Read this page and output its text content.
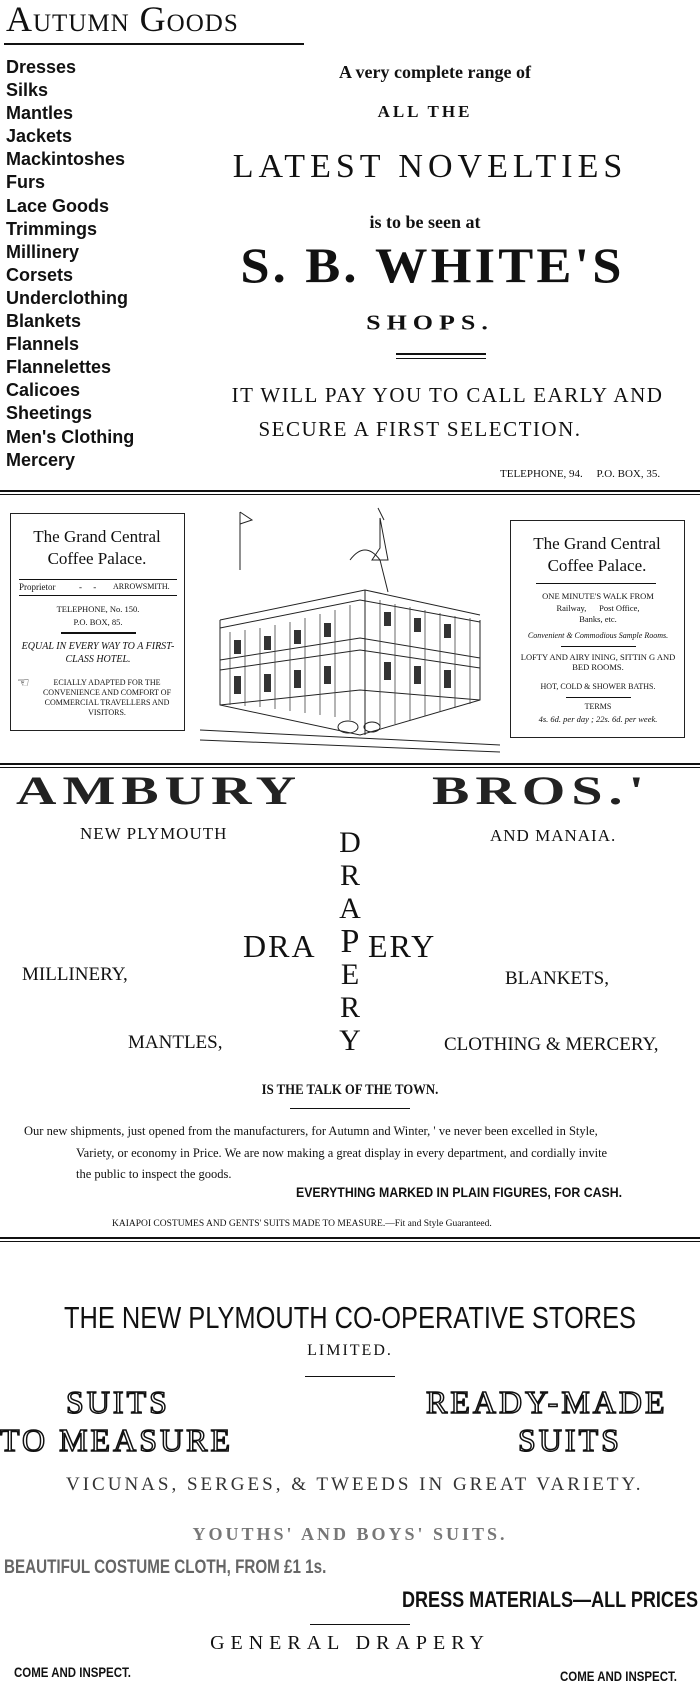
Autumn Goods
Dresses
Silks
Mantles
Jackets
Mackintoshes
Furs
Lace Goods
Trimmings
Millinery
Corsets
Underclothing
Blankets
Flannels
Flannelettes
Calicoes
Sheetings
Men's Clothing
Mercery
A very complete range of
ALL THE
LATEST NOVELTIES
is to be seen at
S. B. WHITE'S
SHOPS.
IT WILL PAY YOU TO CALL EARLY AND
SECURE A FIRST SELECTION.
TELEPHONE, 94.     P.O. BOX, 35.
The Grand Central Coffee Palace.
Proprietor	-     - ARROWSMITH.
TELEPHONE, No. 150.
P.O. BOX, 85.
EQUAL IN EVERY WAY TO A FIRST-CLASS HOTEL.
☜	ECIALLY ADAPTED FOR THE CONVENIENCE AND COMFORT OF COMMERCIAL TRAVELLERS AND VISITORS.
The Grand Central Coffee Palace.
ONE MINUTE'S WALK FROM
Railway,      Post Office,
Banks, etc.
Convenient & Commodious Sample Rooms.
LOFTY AND AIRY INING, SITTIN G AND BED ROOMS.
HOT, COLD & SHOWER BATHS.
TERMS
4s. 6d. per day ; 22s. 6d. per week.
AMBURY BROS.'
NEW PLYMOUTH	AND MANAIA.
D
R
A
P
E
R
Y
DRA ERY
MILLINERY,	BLANKETS,
MANTLES,	CLOTHING & MERCERY,
IS THE TALK OF THE TOWN.
Our new shipments, just opened from the manufacturers, for Autumn and Winter, ' ve never been excelled in Style,
Variety, or economy in Price. We are now making a great display in every department, and cordially invite
the public to inspect the goods.
EVERYTHING MARKED IN PLAIN FIGURES, FOR CASH.
KAIAPOI COSTUMES AND GENTS' SUITS MADE TO MEASURE.—Fit and Style Guaranteed.
THE NEW PLYMOUTH CO-OPERATIVE STORES
LIMITED.
SUITS
TO MEASURE
READY-MADE
SUITS
VICUNAS, SERGES, & TWEEDS IN GREAT VARIETY.
YOUTHS' AND BOYS' SUITS.
BEAUTIFUL COSTUME CLOTH, FROM £1 1s.
DRESS MATERIALS—ALL PRICES
GENERAL DRAPERY
COME AND INSPECT.	COME AND INSPECT.
